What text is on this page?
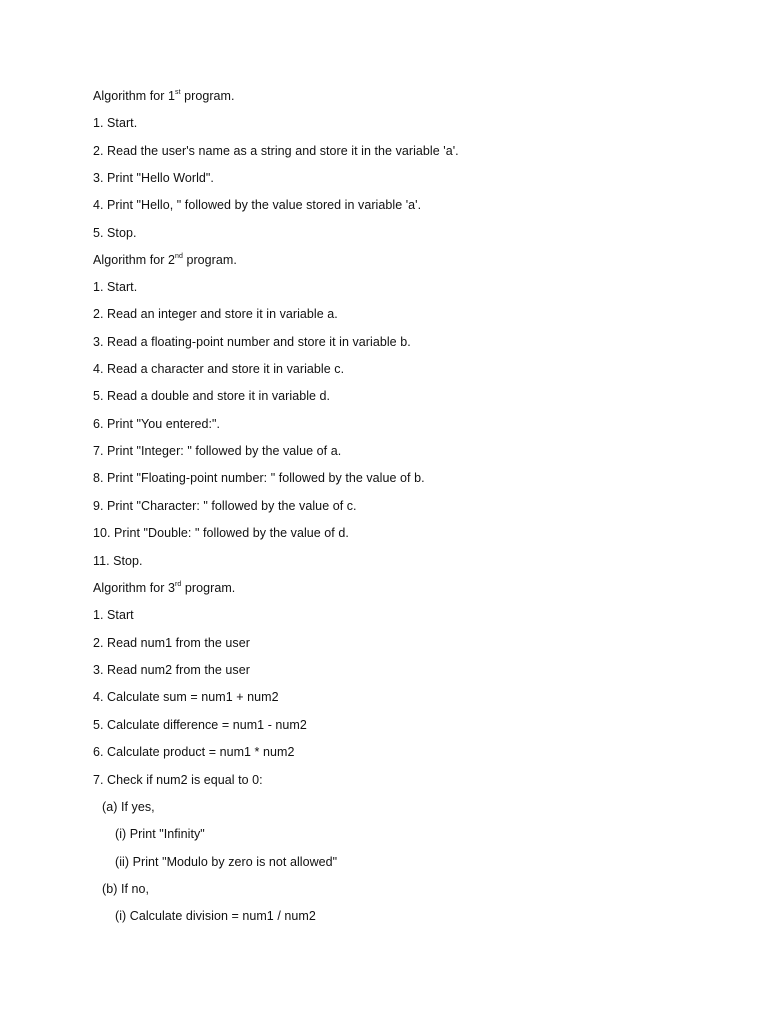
Algorithm for 1st program.
1. Start.
2. Read the user's name as a string and store it in the variable 'a'.
3. Print "Hello World".
4. Print "Hello, " followed by the value stored in variable 'a'.
5. Stop.
Algorithm for 2nd program.
1. Start.
2. Read an integer and store it in variable a.
3. Read a floating-point number and store it in variable b.
4. Read a character and store it in variable c.
5. Read a double and store it in variable d.
6. Print "You entered:".
7. Print "Integer: " followed by the value of a.
8. Print "Floating-point number: " followed by the value of b.
9. Print "Character: " followed by the value of c.
10. Print "Double: " followed by the value of d.
11. Stop.
Algorithm for 3rd program.
1. Start
2. Read num1 from the user
3. Read num2 from the user
4. Calculate sum = num1 + num2
5. Calculate difference = num1 - num2
6. Calculate product = num1 * num2
7. Check if num2 is equal to 0:
(a) If yes,
(i) Print "Infinity"
(ii) Print "Modulo by zero is not allowed"
(b) If no,
(i) Calculate division = num1 / num2
